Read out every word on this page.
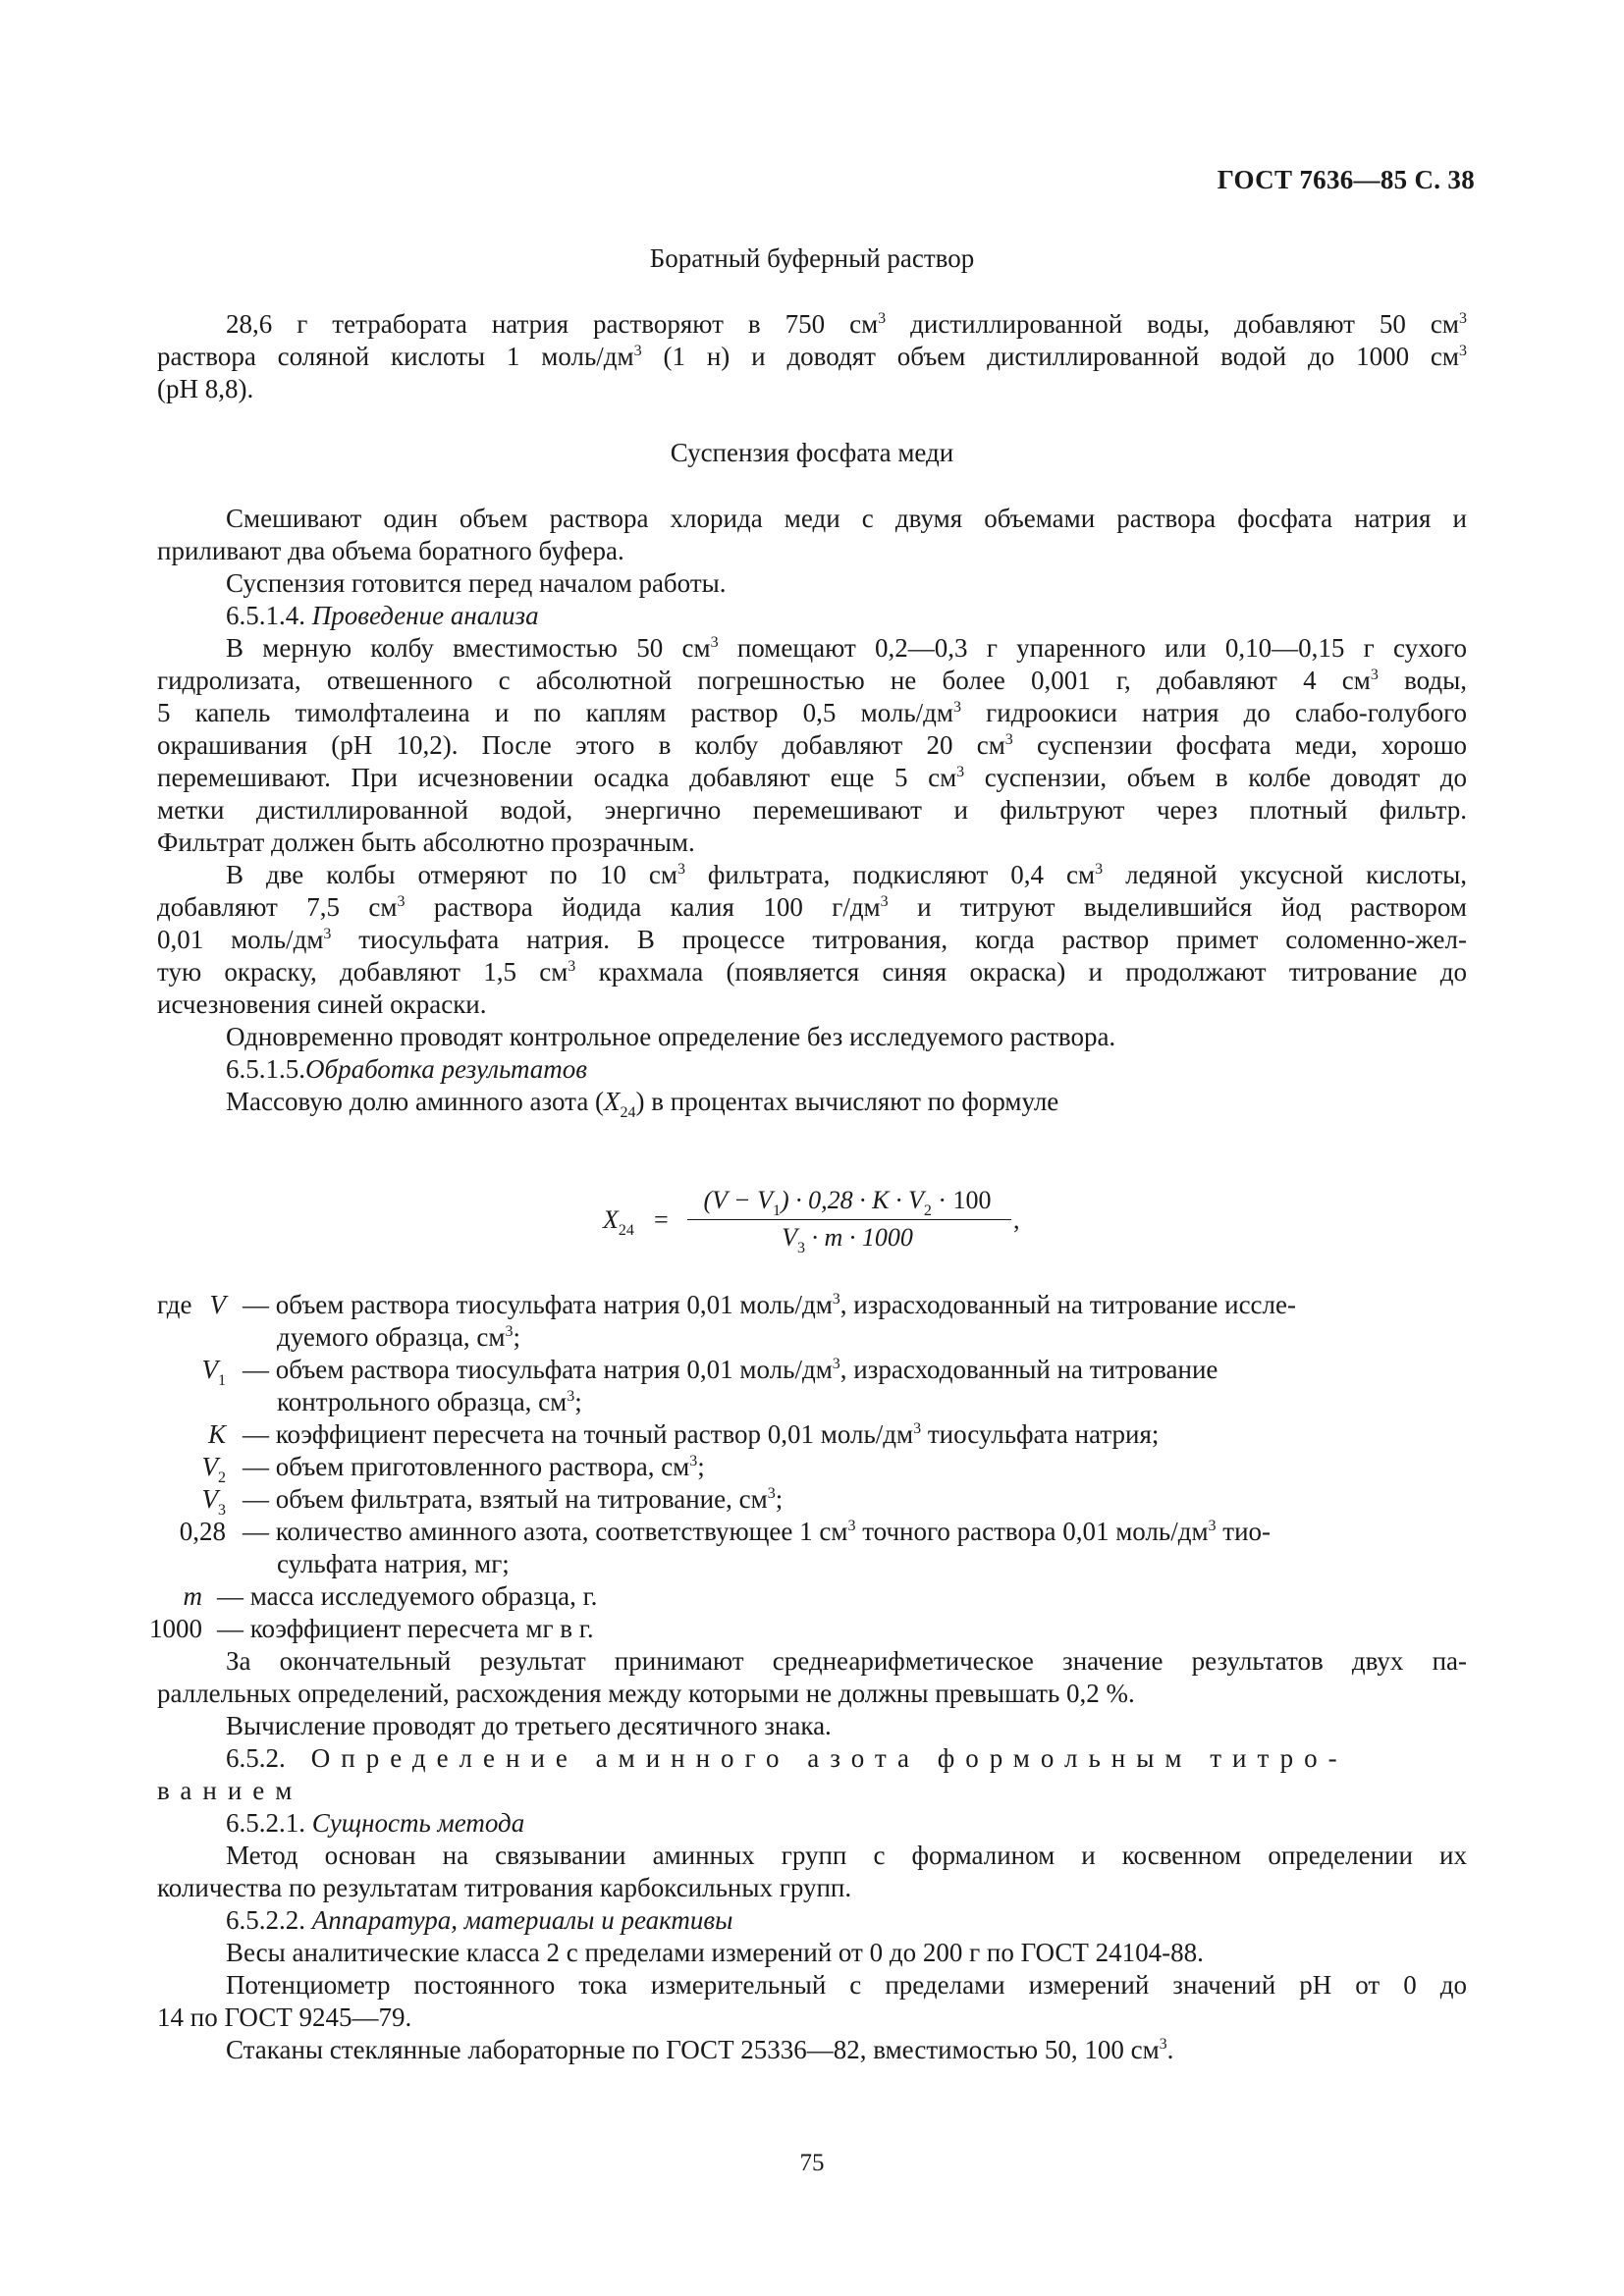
ГОСТ 7636—85 С. 38
Боратный буферный раствор
28,6 г тетрабората натрия растворяют в 750 $см^3$ дистиллированной воды, добавляют 50 $см^3$
раствора соляной кислоты 1 моль/$дм^3$ (1 н) и доводят объем дистиллированной водой до 1000 $см^3$
(pH 8,8).
Суспензия фосфата меди
Смешивают один объем раствора хлорида меди с двумя объемами раствора фосфата натрия и
приливают два объема боратного буфера.
Суспензия готовится перед началом работы.
6.5.1.4. Проведение анализа
В мерную колбу вместимостью 50 $см^3$ помещают 0,2—0,3 г упаренного или 0,10—0,15 г сухого
гидролизата, отвешенного с абсолютной погрешностью не более 0,001 г, добавляют 4 $см^3$ воды,
5 капель тимолфталеина и по каплям раствор 0,5 моль/$дм^3$ гидроокиси натрия до слабо-голубого
окрашивания (pH 10,2). После этого в колбу добавляют 20 $см^3$ суспензии фосфата меди, хорошо
перемешивают. При исчезновении осадка добавляют еще 5 $см^3$ суспензии, объем в колбе доводят до
метки дистиллированной водой, энергично перемешивают и фильтруют через плотный фильтр.
Фильтрат должен быть абсолютно прозрачным.
В две колбы отмеряют по 10 $см^3$ фильтрата, подкисляют 0,4 $см^3$ ледяной уксусной кислоты,
добавляют 7,5 $см^3$ раствора йодида калия 100 $г/дм^3$ и титруют выделившийся йод раствором
0,01 моль/$дм^3$ тиосульфата натрия. В процессе титрования, когда раствор примет соломенно-жел-
тую окраску, добавляют 1,5 $см^3$ крахмала (появляется синяя окраска) и продолжают титрование до
исчезновения синей окраски.
Одновременно проводят контрольное определение без исследуемого раствора.
6.5.1.5.Обработка результатов
Массовую долю аминного азота $(X_{24})$ в процентах вычисляют по формуле
$X_{24}$ =
$(V - V_1) \cdot 0,28 \cdot K \cdot V_2 \cdot 100$
$V_3 \cdot m \cdot 1000$
,
где V — объем раствора тиосульфата натрия 0,01 моль/$дм^3$, израсходованный на титрование иссле-
дуемого образца, $см^3$;
$V_1$ — объем раствора тиосульфата натрия 0,01 моль/$дм^3$, израсходованный на титрование
контрольного образца, $см^3$;
K — коэффициент пересчета на точный раствор 0,01 моль/$дм^3$ тиосульфата натрия;
$V_2$ — объем приготовленного раствора, $см^3$;
$V_3$ — объем фильтрата, взятый на титрование, $см^3$;
0,28 — количество аминного азота, соответствующее 1 $см^3$ точного раствора 0,01 моль/$дм^3$ тио-
сульфата натрия, мг;
m — масса исследуемого образца, г.
1000 — коэффициент пересчета мг в г.
За окончательный результат принимают среднеарифметическое значение результатов двух па-
раллельных определений, расхождения между которыми не должны превышать 0,2 %.
Вычисление проводят до третьего десятичного знака.
6.5.2. Определение аминного азота формольным титро-
ванием
6.5.2.1. Сущность метода
Метод основан на связывании аминных групп с формалином и косвенном определении их
количества по результатам титрования карбоксильных групп.
6.5.2.2. Аппаратура, материалы и реактивы
Весы аналитические класса 2 с пределами измерений от 0 до 200 г по ГОСТ 24104-88.
Потенциометр постоянного тока измерительный с пределами измерений значений pH от 0 до
14 по ГОСТ 9245—79.
Стаканы стеклянные лабораторные по ГОСТ 25336—82, вместимостью 50, 100 $см^3$.
75
